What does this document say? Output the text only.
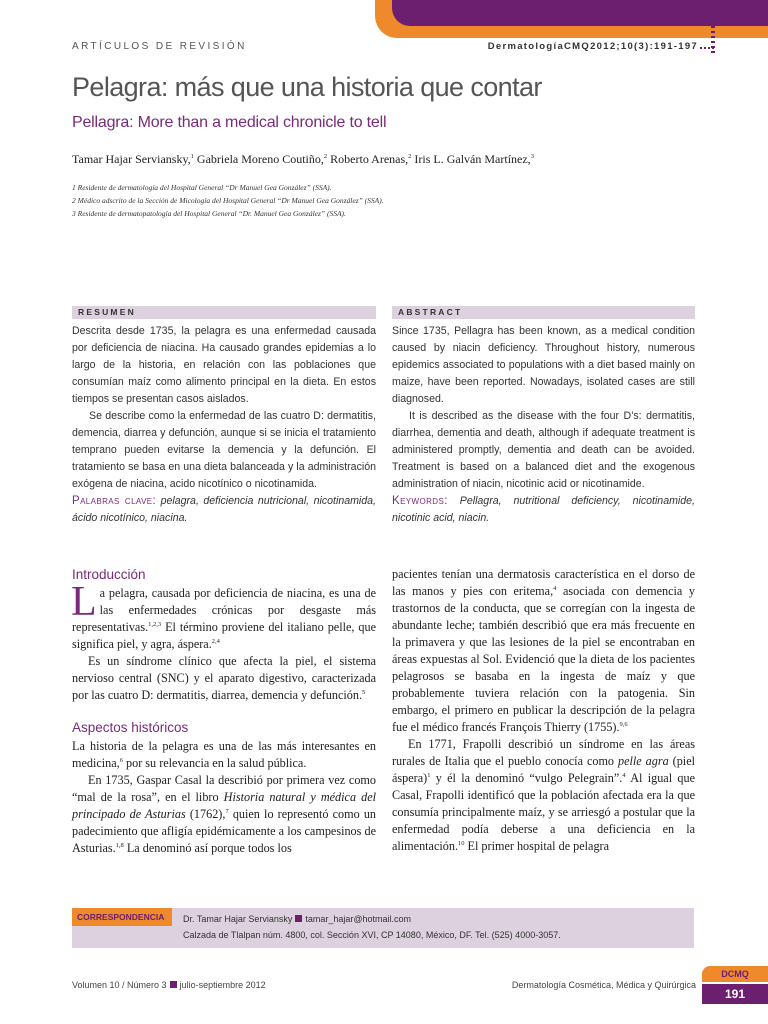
ARTÍCULOS DE REVISIÓN	DermatologíaCMQ2012;10(3):191-197
Pelagra: más que una historia que contar
Pellagra: More than a medical chronicle to tell
Tamar Hajar Serviansky,$^1$ Gabriela Moreno Coutiño,$^2$ Roberto Arenas,$^2$ Iris L. Galván Martínez,$^3$
1 Residente de dermatología del Hospital General “Dr Manuel Gea González” (SSA).
2 Médico adscrito de la Sección de Micología del Hospital General “Dr Manuel Gea González” (SSA).
3 Residente de dermatopatología del Hospital General “Dr. Manuel Gea González” (SSA).
RESUMEN

Descrita desde 1735, la pelagra es una enfermedad causada por deficiencia de niacina. Ha causado grandes epidemias a lo largo de la historia, en relación con las poblaciones que consumían maíz como alimento principal en la dieta. En estos tiempos se presentan casos aislados.

Se describe como la enfermedad de las cuatro D: dermatitis, demencia, diarrea y defunción, aunque si se inicia el tratamiento temprano pueden evitarse la demencia y la defunción. El tratamiento se basa en una dieta balanceada y la administración exógena de niacina, acido nicotínico o nicotinamida.

Palabras clave: pelagra, deficiencia nutricional, nicotinamida, ácido nicotínico, niacina.

ABSTRACT

Since 1735, Pellagra has been known, as a medical condition caused by niacin deficiency. Throughout history, numerous epidemics associated to populations with a diet based mainly on maize, have been reported. Nowadays, isolated cases are still diagnosed.

It is described as the disease with the four D’s: dermatitis, diarrhea, dementia and death, although if adequate treatment is administered promptly, dementia and death can be avoided. Treatment is based on a balanced diet and the exogenous administration of niacin, nicotinic acid or nicotinamide.

Keywords: Pellagra, nutritional deficiency, nicotinamide, nicotinic acid, niacin.

Introducción

La pelagra, causada por deficiencia de niacina, es una de las enfermedades crónicas por desgaste más representativas.$^{1,2,3}$ El término proviene del italiano pelle, que significa piel, y agra, áspera.$^{2,4}$

Es un síndrome clínico que afecta la piel, el sistema nervioso central (SNC) y el aparato digestivo, caracterizada por las cuatro D: dermatitis, diarrea, demencia y defunción.$^5$

Aspectos históricos

La historia de la pelagra es una de las más interesantes en medicina,$^6$ por su relevancia en la salud pública.

En 1735, Gaspar Casal la describió por primera vez como “mal de la rosa”, en el libro Historia natural y médica del principado de Asturias (1762),$^7$ quien lo representó como un padecimiento que afligía epidémicamente a los campesinos de Asturias.$^{1,8}$ La denominó así porque todos los

pacientes tenían una dermatosis característica en el dorso de las manos y pies con eritema,$^4$ asociada con demencia y trastornos de la conducta, que se corregían con la ingesta de abundante leche; también describió que era más frecuente en la primavera y que las lesiones de la piel se encontraban en áreas expuestas al Sol. Evidenció que la dieta de los pacientes pelagrosos se basaba en la ingesta de maíz y que probablemente tuviera relación con la patogenia. Sin embargo, el primero en publicar la descripción de la pelagra fue el médico francés François Thierry (1755).$^{9,6}$

En 1771, Frapolli describió un síndrome en las áreas rurales de Italia que el pueblo conocía como pelle agra (piel áspera)$^1$ y él la denominó “vulgo Pelegrain”.$^4$ Al igual que Casal, Frapolli identificó que la población afectada era la que consumía principalmente maíz, y se arriesgó a postular que la enfermedad podía deberse a una deficiencia en la alimentación.$^{10}$ El primer hospital de pelagra

CORRESPONDENCIA	Dr. Tamar Hajar Serviansky tamar_hajar@hotmail.com
Calzada de Tlalpan núm. 4800, col. Sección XVI, CP 14080, México, DF. Tel. (525) 4000-3057.
Volumen 10 / Número 3 julio-septiembre 2012	Dermatología Cosmética, Médica y Quirúrgica
DCMQ
191
